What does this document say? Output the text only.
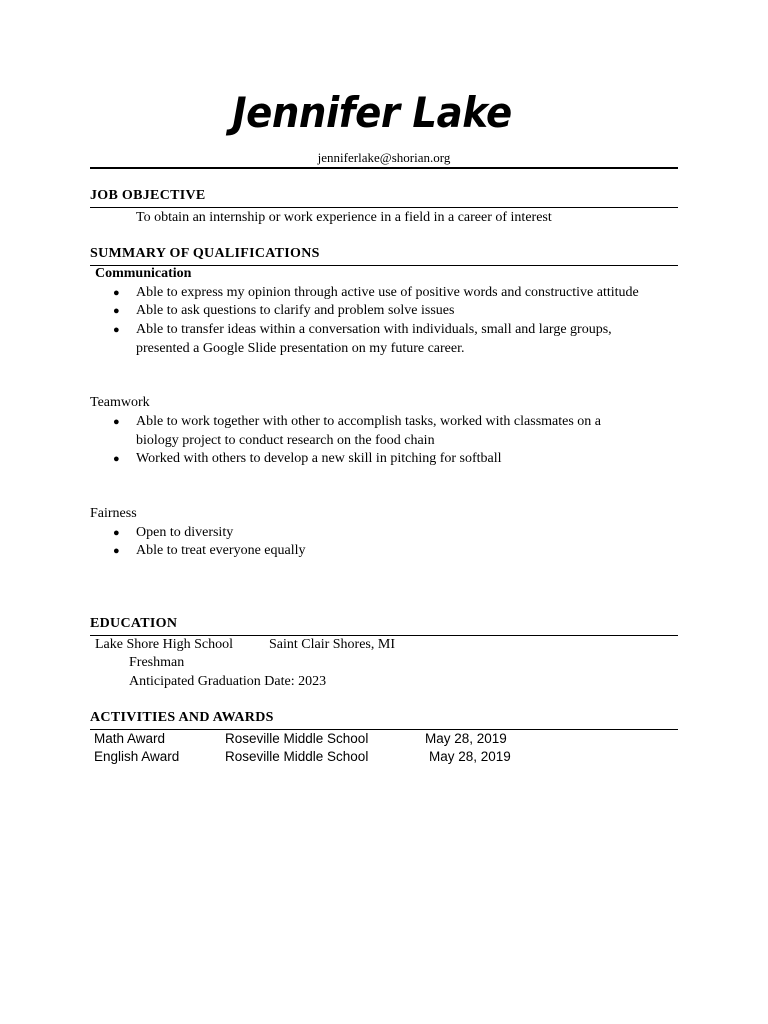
Jennifer Lake
jenniferlake@shorian.org
JOB OBJECTIVE
To obtain an internship or work experience in a field in a career of interest
SUMMARY OF QUALIFICATIONS
Communication
● Able to express my opinion through active use of positive words and constructive attitude
● Able to ask questions to clarify and problem solve issues
● Able to transfer ideas within a conversation with individuals, small and large groups,
presented a Google Slide presentation on my future career.
Teamwork
● Able to work together with other to accomplish tasks, worked with classmates on a
biology project to conduct research on the food chain
● Worked with others to develop a new skill in pitching for softball
Fairness
● Open to diversity
● Able to treat everyone equally
EDUCATION
Lake Shore High School	Saint Clair Shores, MI
Freshman
Anticipated Graduation Date: 2023
ACTIVITIES AND AWARDS
Math Award	Roseville Middle School	May 28, 2019
English Award	Roseville Middle School	May 28, 2019
